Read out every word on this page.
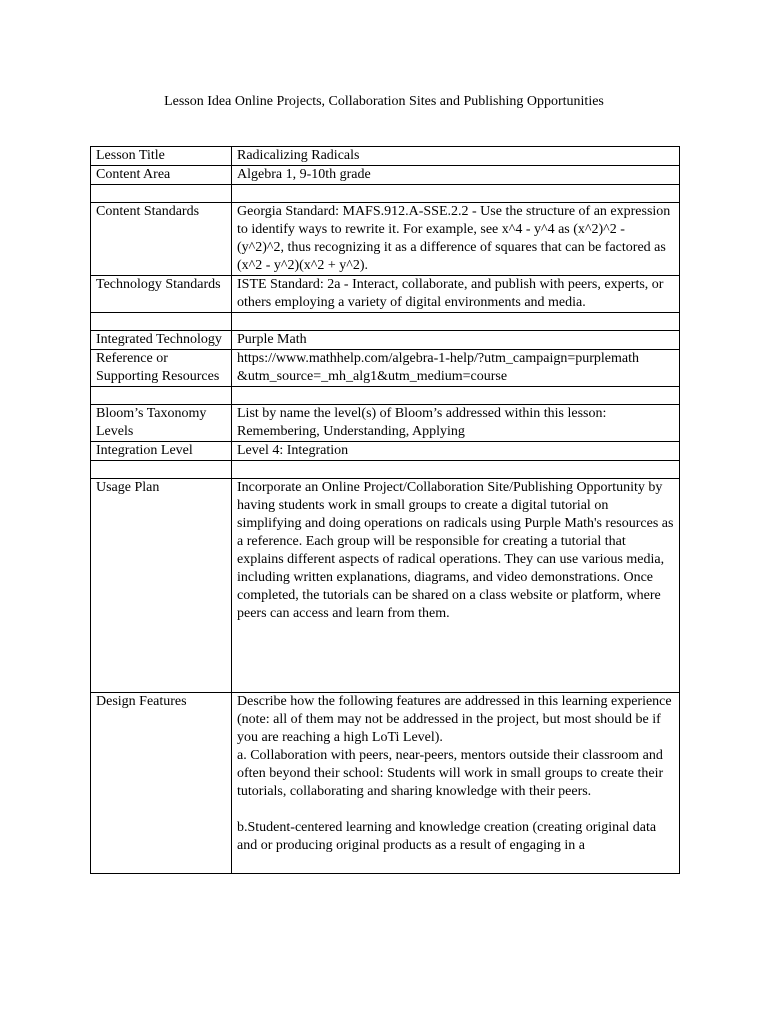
Lesson Idea Online Projects, Collaboration Sites and Publishing Opportunities
Lesson Title	Radicalizing Radicals
Content Area	Algebra 1, 9-10th grade

Content Standards	Georgia Standard: MAFS.912.A-SSE.2.2 - Use the structure of an expression to identify ways to rewrite it. For example, see x^4 - y^4 as (x^2)^2 - (y^2)^2, thus recognizing it as a difference of squares that can be factored as (x^2 - y^2)(x^2 + y^2).
Technology Standards	ISTE Standard: 2a - Interact, collaborate, and publish with peers, experts, or others employing a variety of digital environments and media.

Integrated Technology	Purple Math
Reference or Supporting Resources	https://www.mathhelp.com/algebra-1-help/?utm_campaign=purplemath
&utm_source=_mh_alg1&utm_medium=course

Bloom’s Taxonomy Levels	List by name the level(s) of Bloom’s addressed within this lesson:
Remembering, Understanding, Applying

Integration Level	Level 4: Integration

Usage Plan	Incorporate an Online Project/Collaboration Site/Publishing Opportunity by having students work in small groups to create a digital tutorial on simplifying and doing operations on radicals using Purple Math's resources as a reference. Each group will be responsible for creating a tutorial that explains different aspects of radical operations. They can use various media, including written explanations, diagrams, and video demonstrations. Once completed, the tutorials can be shared on a class website or platform, where peers can access and learn from them.
Design Features	Describe how the following features are addressed in this learning experience (note: all of them may not be addressed in the project, but most should be if you are reaching a high LoTi Level).
a. Collaboration with peers, near-peers, mentors outside their classroom and often beyond their school: Students will work in small groups to create their tutorials, collaborating and sharing knowledge with their peers.
b.Student-centered learning and knowledge creation (creating original data and or producing original products as a result of engaging in a
